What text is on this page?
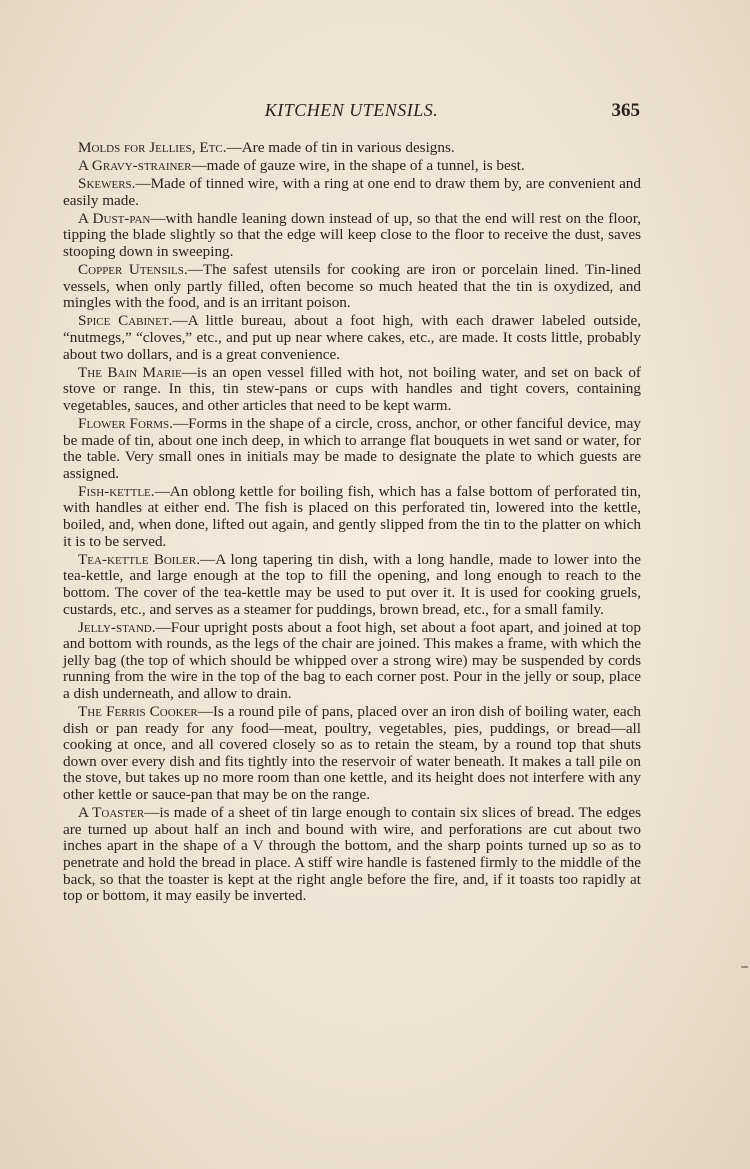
KITCHEN UTENSILS.	365

Molds for Jellies, Etc.—Are made of tin in various designs.

A Gravy-strainer—made of gauze wire, in the shape of a tunnel, is best.

Skewers.—Made of tinned wire, with a ring at one end to draw them by, are convenient and easily made.

A Dust-pan—with handle leaning down instead of up, so that the end will rest on the floor, tipping the blade slightly so that the edge will keep close to the floor to receive the dust, saves stooping down in sweeping.

Copper Utensils.—The safest utensils for cooking are iron or porcelain lined. Tin-lined vessels, when only partly filled, often become so much heated that the tin is oxydized, and mingles with the food, and is an irritant poison.

Spice Cabinet.—A little bureau, about a foot high, with each drawer labeled outside, “nutmegs,” “cloves,” etc., and put up near where cakes, etc., are made. It costs little, probably about two dollars, and is a great convenience.

The Bain Marie—is an open vessel filled with hot, not boiling water, and set on back of stove or range. In this, tin stew-pans or cups with handles and tight covers, containing vegetables, sauces, and other articles that need to be kept warm.

Flower Forms.—Forms in the shape of a circle, cross, anchor, or other fanciful device, may be made of tin, about one inch deep, in which to arrange flat bouquets in wet sand or water, for the table. Very small ones in initials may be made to designate the plate to which guests are assigned.

Fish-kettle.—An oblong kettle for boiling fish, which has a false bottom of perforated tin, with handles at either end. The fish is placed on this perforated tin, lowered into the kettle, boiled, and, when done, lifted out again, and gently slipped from the tin to the platter on which it is to be served.

Tea-kettle Boiler.—A long tapering tin dish, with a long handle, made to lower into the tea-kettle, and large enough at the top to fill the opening, and long enough to reach to the bottom. The cover of the tea-kettle may be used to put over it. It is used for cooking gruels, custards, etc., and serves as a steamer for puddings, brown bread, etc., for a small family.

Jelly-stand.—Four upright posts about a foot high, set about a foot apart, and joined at top and bottom with rounds, as the legs of the chair are joined. This makes a frame, with which the jelly bag (the top of which should be whipped over a strong wire) may be suspended by cords running from the wire in the top of the bag to each corner post. Pour in the jelly or soup, place a dish underneath, and allow to drain.

The Ferris Cooker—Is a round pile of pans, placed over an iron dish of boiling water, each dish or pan ready for any food—meat, poultry, vegetables, pies, puddings, or bread—all cooking at once, and all covered closely so as to retain the steam, by a round top that shuts down over every dish and fits tightly into the reservoir of water beneath. It makes a tall pile on the stove, but takes up no more room than one kettle, and its height does not interfere with any other kettle or sauce-pan that may be on the range.

A Toaster—is made of a sheet of tin large enough to contain six slices of bread. The edges are turned up about half an inch and bound with wire, and perforations are cut about two inches apart in the shape of a V through the bottom, and the sharp points turned up so as to penetrate and hold the bread in place. A stiff wire handle is fastened firmly to the middle of the back, so that the toaster is kept at the right angle before the fire, and, if it toasts too rapidly at top or bottom, it may easily be inverted.
